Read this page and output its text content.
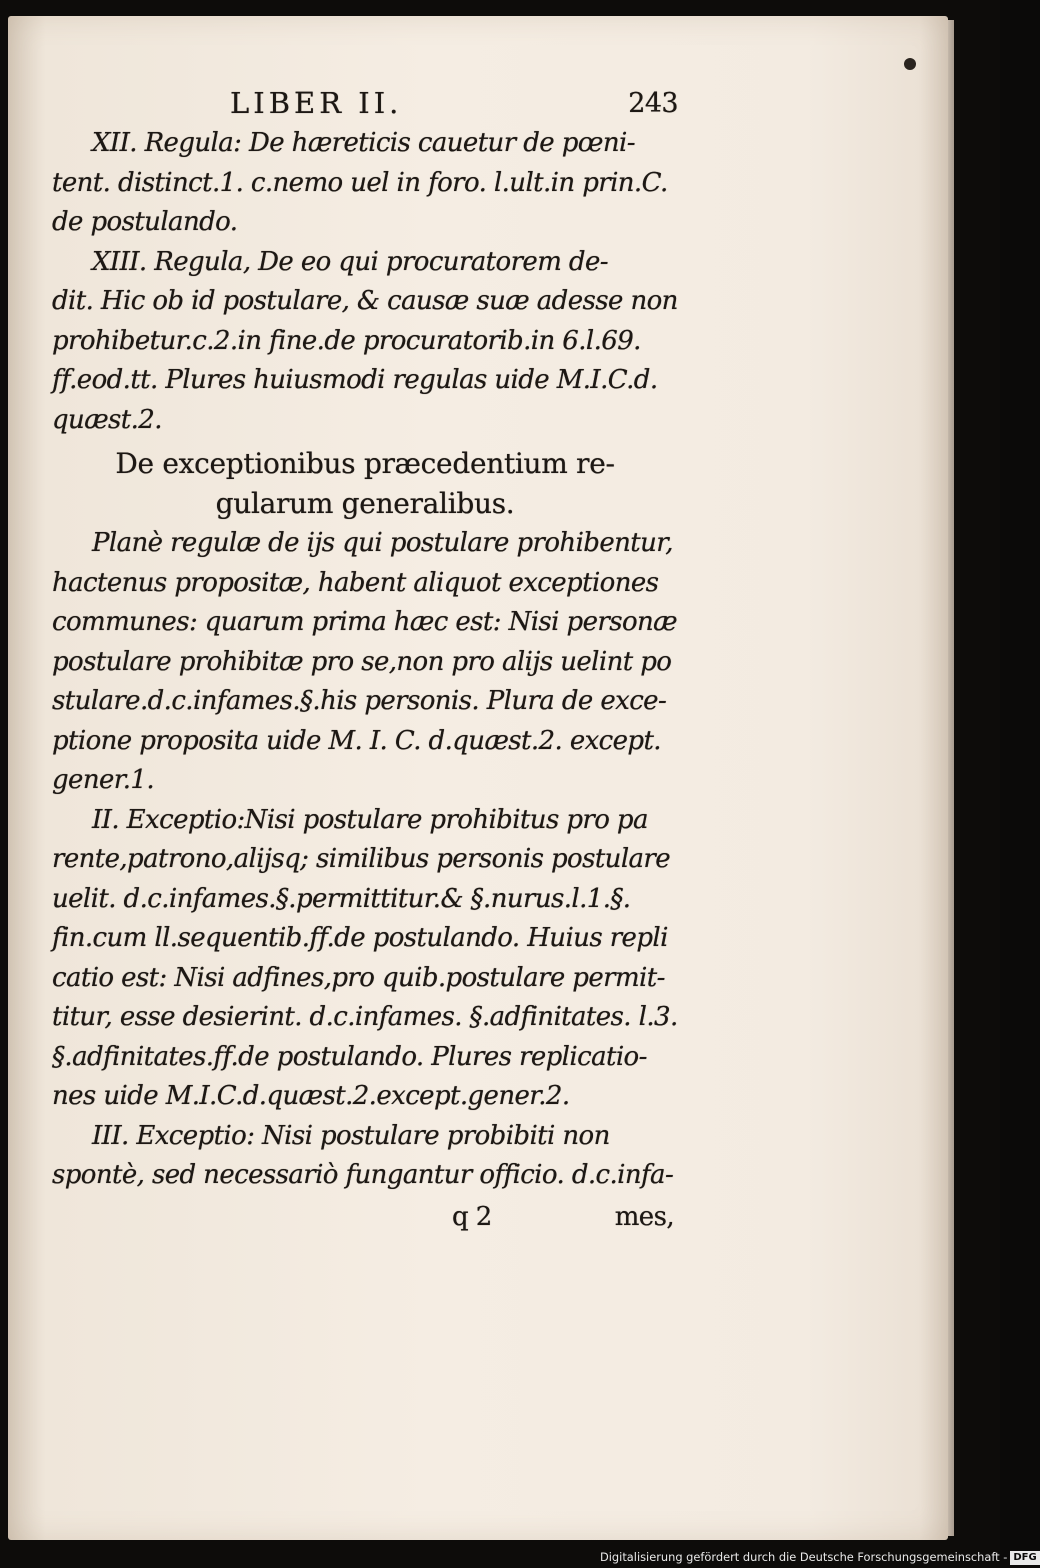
LIBER II.	243
XII. Regula: De hæreticis cauetur de pœni-
tent. distinct.1. c.nemo uel in foro. l.ult.in prin.C.
de postulando.
XIII. Regula, De eo qui procuratorem de-
dit. Hic ob id postulare, & causæ suæ adesse non
prohibetur.c.2.in fine.de procuratorib.in 6.l.69.
ff.eod.tt. Plures huiusmodi regulas uide M.I.C.d.
quæst.2.
De exceptionibus præcedentium re-
gularum generalibus.
Planè regulæ de ijs qui postulare prohibentur,
hactenus propositæ, habent aliquot exceptiones
communes: quarum prima hæc est: Nisi personæ
postulare prohibitæ pro se,non pro alijs uelint po
stulare.d.c.infames.§.his personis. Plura de exce-
ptione proposita uide M. I. C. d.quæst.2. except.
gener.1.
II. Exceptio:Nisi postulare prohibitus pro pa
rente,patrono,alijsq; similibus personis postulare
uelit. d.c.infames.§.permittitur.& §.nurus.l.1.§.
fin.cum ll.sequentib.ff.de postulando. Huius repli
catio est: Nisi adfines,pro quib.postulare permit-
titur, esse desierint. d.c.infames. §.adfinitates. l.3.
§.adfinitates.ff.de postulando. Plures replicatio-
nes uide M.I.C.d.quæst.2.except.gener.2.
III. Exceptio: Nisi postulare probibiti non
spontè, sed necessariò fungantur officio. d.c.infa-
q 2	mes,
Digitalisierung gefördert durch die Deutsche Forschungsgemeinschaft - DFG
